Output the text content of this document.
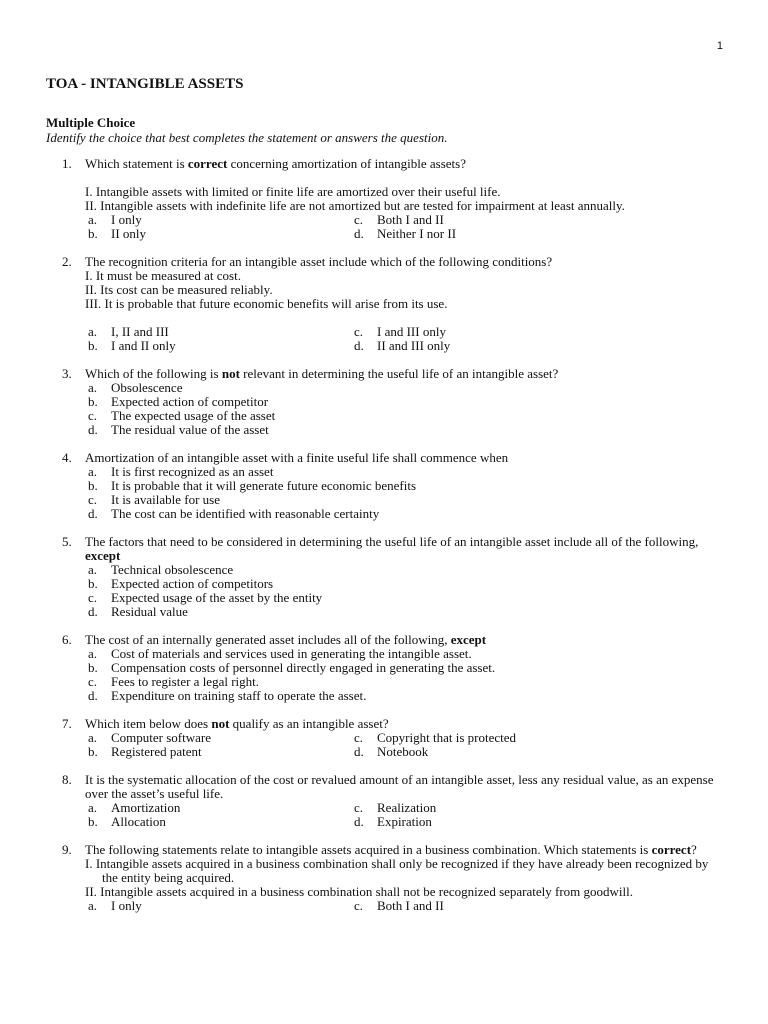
1
TOA - INTANGIBLE ASSETS
Multiple Choice
Identify the choice that best completes the statement or answers the question.
1. Which statement is correct concerning amortization of intangible assets?
I. Intangible assets with limited or finite life are amortized over their useful life.
II. Intangible assets with indefinite life are not amortized but are tested for impairment at least annually.
a. I only	c. Both I and II
b. II only	d. Neither I nor II
2. The recognition criteria for an intangible asset include which of the following conditions?
I. It must be measured at cost.
II. Its cost can be measured reliably.
III. It is probable that future economic benefits will arise from its use.
a. I, II and III	c. I and III only
b. I and II only	d. II and III only
3. Which of the following is not relevant in determining the useful life of an intangible asset?
a. Obsolescence
b. Expected action of competitor
c. The expected usage of the asset
d. The residual value of the asset
4. Amortization of an intangible asset with a finite useful life shall commence when
a. It is first recognized as an asset
b. It is probable that it will generate future economic benefits
c. It is available for use
d. The cost can be identified with reasonable certainty
5. The factors that need to be considered in determining the useful life of an intangible asset include all of the following, except
a. Technical obsolescence
b. Expected action of competitors
c. Expected usage of the asset by the entity
d. Residual value
6. The cost of an internally generated asset includes all of the following, except
a. Cost of materials and services used in generating the intangible asset.
b. Compensation costs of personnel directly engaged in generating the asset.
c. Fees to register a legal right.
d. Expenditure on training staff to operate the asset.
7. Which item below does not qualify as an intangible asset?
a. Computer software	c. Copyright that is protected
b. Registered patent	d. Notebook
8. It is the systematic allocation of the cost or revalued amount of an intangible asset, less any residual value, as an expense over the asset’s useful life.
a. Amortization	c. Realization
b. Allocation	d. Expiration
9. The following statements relate to intangible assets acquired in a business combination. Which statements is correct?
I. Intangible assets acquired in a business combination shall only be recognized if they have already been recognized by the entity being acquired.
II. Intangible assets acquired in a business combination shall not be recognized separately from goodwill.
a. I only	c. Both I and II
